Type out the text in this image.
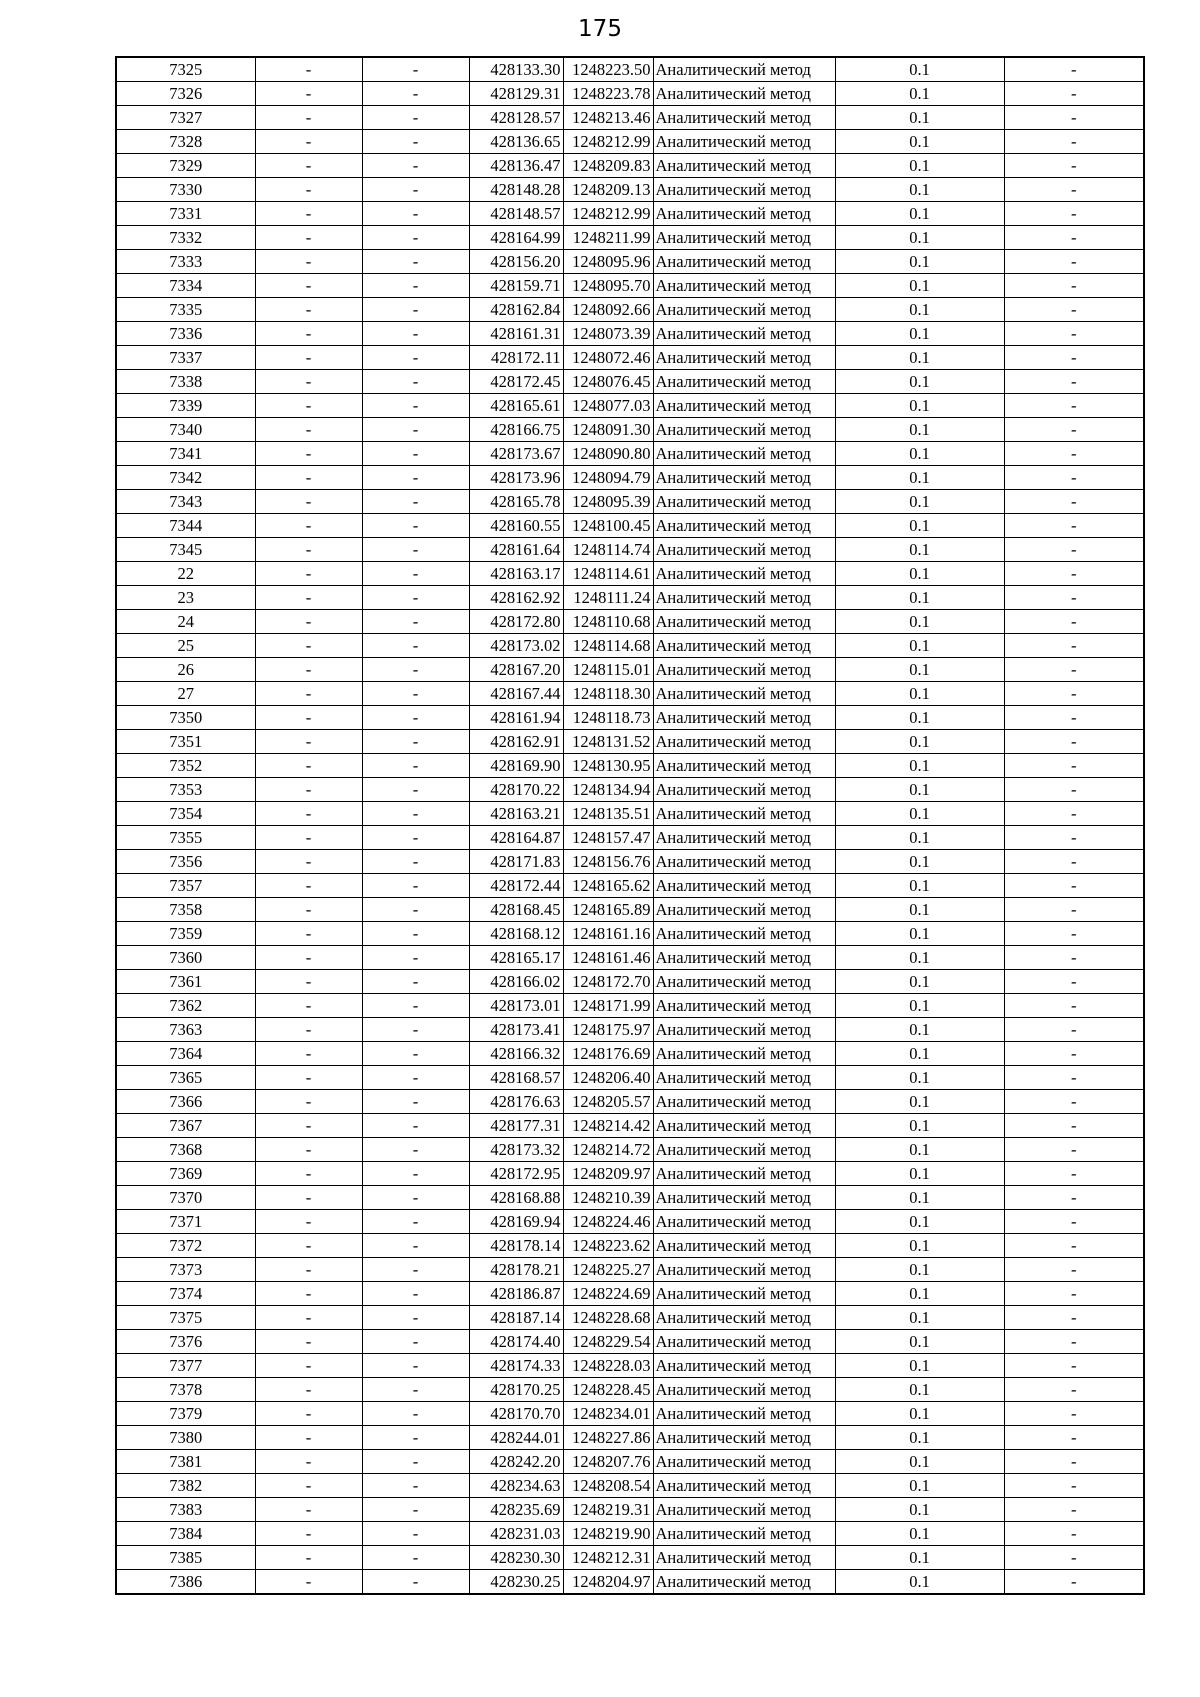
175
7325	-	-	428133.30	1248223.50	Аналитический метод	0.1	-
7326	-	-	428129.31	1248223.78	Аналитический метод	0.1	-
7327	-	-	428128.57	1248213.46	Аналитический метод	0.1	-
7328	-	-	428136.65	1248212.99	Аналитический метод	0.1	-
7329	-	-	428136.47	1248209.83	Аналитический метод	0.1	-
7330	-	-	428148.28	1248209.13	Аналитический метод	0.1	-
7331	-	-	428148.57	1248212.99	Аналитический метод	0.1	-
7332	-	-	428164.99	1248211.99	Аналитический метод	0.1	-
7333	-	-	428156.20	1248095.96	Аналитический метод	0.1	-
7334	-	-	428159.71	1248095.70	Аналитический метод	0.1	-
7335	-	-	428162.84	1248092.66	Аналитический метод	0.1	-
7336	-	-	428161.31	1248073.39	Аналитический метод	0.1	-
7337	-	-	428172.11	1248072.46	Аналитический метод	0.1	-
7338	-	-	428172.45	1248076.45	Аналитический метод	0.1	-
7339	-	-	428165.61	1248077.03	Аналитический метод	0.1	-
7340	-	-	428166.75	1248091.30	Аналитический метод	0.1	-
7341	-	-	428173.67	1248090.80	Аналитический метод	0.1	-
7342	-	-	428173.96	1248094.79	Аналитический метод	0.1	-
7343	-	-	428165.78	1248095.39	Аналитический метод	0.1	-
7344	-	-	428160.55	1248100.45	Аналитический метод	0.1	-
7345	-	-	428161.64	1248114.74	Аналитический метод	0.1	-
22	-	-	428163.17	1248114.61	Аналитический метод	0.1	-
23	-	-	428162.92	1248111.24	Аналитический метод	0.1	-
24	-	-	428172.80	1248110.68	Аналитический метод	0.1	-
25	-	-	428173.02	1248114.68	Аналитический метод	0.1	-
26	-	-	428167.20	1248115.01	Аналитический метод	0.1	-
27	-	-	428167.44	1248118.30	Аналитический метод	0.1	-
7350	-	-	428161.94	1248118.73	Аналитический метод	0.1	-
7351	-	-	428162.91	1248131.52	Аналитический метод	0.1	-
7352	-	-	428169.90	1248130.95	Аналитический метод	0.1	-
7353	-	-	428170.22	1248134.94	Аналитический метод	0.1	-
7354	-	-	428163.21	1248135.51	Аналитический метод	0.1	-
7355	-	-	428164.87	1248157.47	Аналитический метод	0.1	-
7356	-	-	428171.83	1248156.76	Аналитический метод	0.1	-
7357	-	-	428172.44	1248165.62	Аналитический метод	0.1	-
7358	-	-	428168.45	1248165.89	Аналитический метод	0.1	-
7359	-	-	428168.12	1248161.16	Аналитический метод	0.1	-
7360	-	-	428165.17	1248161.46	Аналитический метод	0.1	-
7361	-	-	428166.02	1248172.70	Аналитический метод	0.1	-
7362	-	-	428173.01	1248171.99	Аналитический метод	0.1	-
7363	-	-	428173.41	1248175.97	Аналитический метод	0.1	-
7364	-	-	428166.32	1248176.69	Аналитический метод	0.1	-
7365	-	-	428168.57	1248206.40	Аналитический метод	0.1	-
7366	-	-	428176.63	1248205.57	Аналитический метод	0.1	-
7367	-	-	428177.31	1248214.42	Аналитический метод	0.1	-
7368	-	-	428173.32	1248214.72	Аналитический метод	0.1	-
7369	-	-	428172.95	1248209.97	Аналитический метод	0.1	-
7370	-	-	428168.88	1248210.39	Аналитический метод	0.1	-
7371	-	-	428169.94	1248224.46	Аналитический метод	0.1	-
7372	-	-	428178.14	1248223.62	Аналитический метод	0.1	-
7373	-	-	428178.21	1248225.27	Аналитический метод	0.1	-
7374	-	-	428186.87	1248224.69	Аналитический метод	0.1	-
7375	-	-	428187.14	1248228.68	Аналитический метод	0.1	-
7376	-	-	428174.40	1248229.54	Аналитический метод	0.1	-
7377	-	-	428174.33	1248228.03	Аналитический метод	0.1	-
7378	-	-	428170.25	1248228.45	Аналитический метод	0.1	-
7379	-	-	428170.70	1248234.01	Аналитический метод	0.1	-
7380	-	-	428244.01	1248227.86	Аналитический метод	0.1	-
7381	-	-	428242.20	1248207.76	Аналитический метод	0.1	-
7382	-	-	428234.63	1248208.54	Аналитический метод	0.1	-
7383	-	-	428235.69	1248219.31	Аналитический метод	0.1	-
7384	-	-	428231.03	1248219.90	Аналитический метод	0.1	-
7385	-	-	428230.30	1248212.31	Аналитический метод	0.1	-
7386	-	-	428230.25	1248204.97	Аналитический метод	0.1	-
